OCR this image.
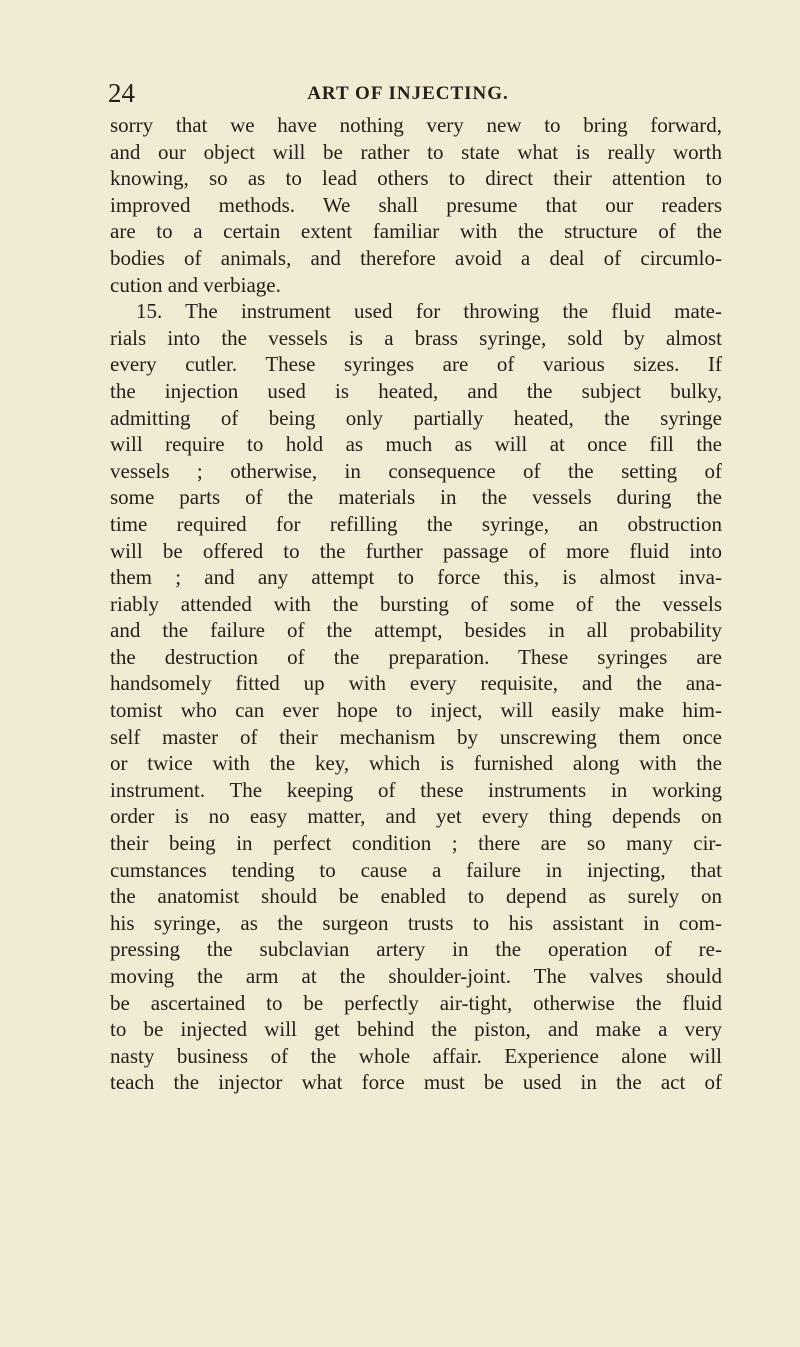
24	ART OF INJECTING.
sorry that we have nothing very new to bring forward,
and our object will be rather to state what is really worth
knowing, so as to lead others to direct their attention to
improved methods. We shall presume that our readers
are to a certain extent familiar with the structure of the
bodies of animals, and therefore avoid a deal of circumlo-
cution and verbiage.
15. The instrument used for throwing the fluid mate-
rials into the vessels is a brass syringe, sold by almost
every cutler. These syringes are of various sizes. If
the injection used is heated, and the subject bulky,
admitting of being only partially heated, the syringe
will require to hold as much as will at once fill the
vessels ; otherwise, in consequence of the setting of
some parts of the materials in the vessels during the
time required for refilling the syringe, an obstruction
will be offered to the further passage of more fluid into
them ; and any attempt to force this, is almost inva-
riably attended with the bursting of some of the vessels
and the failure of the attempt, besides in all probability
the destruction of the preparation. These syringes are
handsomely fitted up with every requisite, and the ana-
tomist who can ever hope to inject, will easily make him-
self master of their mechanism by unscrewing them once
or twice with the key, which is furnished along with the
instrument. The keeping of these instruments in working
order is no easy matter, and yet every thing depends on
their being in perfect condition ; there are so many cir-
cumstances tending to cause a failure in injecting, that
the anatomist should be enabled to depend as surely on
his syringe, as the surgeon trusts to his assistant in com-
pressing the subclavian artery in the operation of re-
moving the arm at the shoulder-joint. The valves should
be ascertained to be perfectly air-tight, otherwise the fluid
to be injected will get behind the piston, and make a very
nasty business of the whole affair. Experience alone will
teach the injector what force must be used in the act of
